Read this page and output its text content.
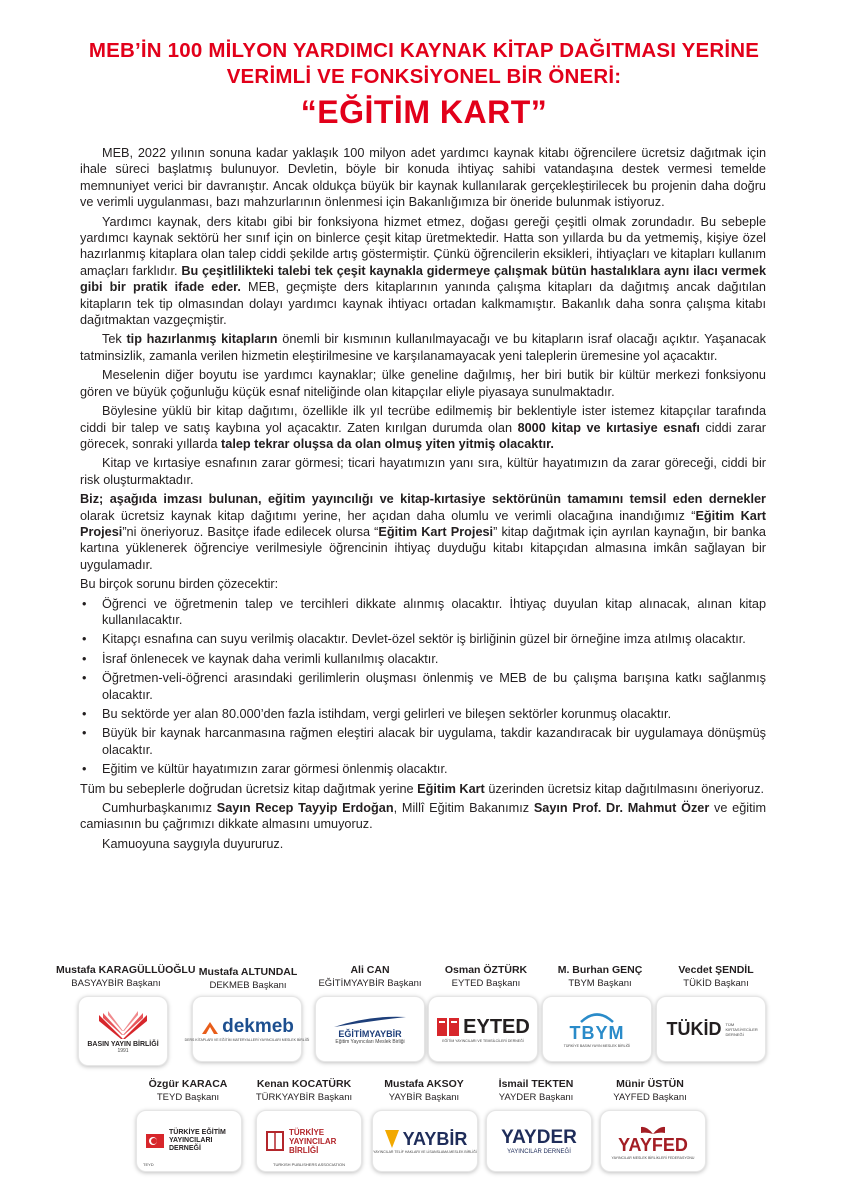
MEB’İN 100 MİLYON YARDIMCI KAYNAK KİTAP DAĞITMASI YERİNE
VERİMLİ VE FONKSİYONEL BİR ÖNERİ:
“EĞİTİM KART”

MEB, 2022 yılının sonuna kadar yaklaşık 100 milyon adet yardımcı kaynak kitabı öğrencilere ücretsiz dağıtmak için ihale süreci başlatmış bulunuyor. Devletin, böyle bir konuda ihtiyaç sahibi vatandaşına destek vermesi temelde memnuniyet verici bir davranıştır. Ancak oldukça büyük bir kaynak kullanılarak gerçekleştirilecek bu projenin daha doğru ve verimli uygulanması, bazı mahzurlarının önlenmesi için Bakanlığımıza bir öneride bulunmak istiyoruz.

Yardımcı kaynak, ders kitabı gibi bir fonksiyona hizmet etmez, doğası gereği çeşitli olmak zorundadır. Bu sebeple yardımcı kaynak sektörü her sınıf için on binlerce çeşit kitap üretmektedir. Hatta son yıllarda bu da yetmemiş, kişiye özel hazırlanmış kitaplara olan talep ciddi şekilde artış göstermiştir. Çünkü öğrencilerin eksikleri, ihtiyaçları ve kitapları kullanım amaçları farklıdır. Bu çeşitlilikteki talebi tek çeşit kaynakla gidermeye çalışmak bütün hastalıklara aynı ilacı vermek gibi bir pratik ifade eder. MEB, geçmişte ders kitaplarının yanında çalışma kitapları da dağıtmış ancak dağıtılan kitapların tek tip olmasından dolayı yardımcı kaynak ihtiyacı ortadan kalkmamıştır. Bakanlık daha sonra çalışma kitabı dağıtmaktan vazgeçmiştir.

Tek tip hazırlanmış kitapların önemli bir kısmının kullanılmayacağı ve bu kitapların israf olacağı açıktır. Yaşanacak tatminsizlik, zamanla verilen hizmetin eleştirilmesine ve karşılanamayacak yeni taleplerin üremesine yol açacaktır.

Meselenin diğer boyutu ise yardımcı kaynaklar; ülke geneline dağılmış, her biri butik bir kültür merkezi fonksiyonu gören ve büyük çoğunluğu küçük esnaf niteliğinde olan kitapçılar eliyle piyasaya sunulmaktadır.

Böylesine yüklü bir kitap dağıtımı, özellikle ilk yıl tecrübe edilmemiş bir beklentiyle ister istemez kitapçılar tarafında ciddi bir talep ve satış kaybına yol açacaktır. Zaten kırılgan durumda olan 8000 kitap ve kırtasiye esnafı ciddi zarar görecek, sonraki yıllarda talep tekrar oluşsa da olan olmuş yiten yitmiş olacaktır.

Kitap ve kırtasiye esnafının zarar görmesi; ticari hayatımızın yanı sıra, kültür hayatımızın da zarar göreceği, ciddi bir risk oluşturmaktadır.

Biz; aşağıda imzası bulunan, eğitim yayıncılığı ve kitap-kırtasiye sektörünün tamamını temsil eden dernekler olarak ücretsiz kaynak kitap dağıtımı yerine, her açıdan daha olumlu ve verimli olacağına inandığımız “Eğitim Kart Projesi”ni öneriyoruz. Basitçe ifade edilecek olursa “Eğitim Kart Projesi” kitap dağıtmak için ayrılan kaynağın, bir banka kartına yüklenerek öğrenciye verilmesiyle öğrencinin ihtiyaç duyduğu kitabı kitapçıdan almasına imkân sağlayan bir uygulamadır.

Bu birçok sorunu birden çözecektir:

• Öğrenci ve öğretmenin talep ve tercihleri dikkate alınmış olacaktır. İhtiyaç duyulan kitap alınacak, alınan kitap kullanılacaktır.
• Kitapçı esnafına can suyu verilmiş olacaktır. Devlet-özel sektör iş birliğinin güzel bir örneğine imza atılmış olacaktır.
• İsraf önlenecek ve kaynak daha verimli kullanılmış olacaktır.
• Öğretmen-veli-öğrenci arasındaki gerilimlerin oluşması önlenmiş ve MEB de bu çalışma barışına katkı sağlanmış olacaktır.
• Bu sektörde yer alan 80.000’den fazla istihdam, vergi gelirleri ve bileşen sektörler korunmuş olacaktır.
• Büyük bir kaynak harcanmasına rağmen eleştiri alacak bir uygulama, takdir kazandıracak bir uygulamaya dönüşmüş olacaktır.
• Eğitim ve kültür hayatımızın zarar görmesi önlenmiş olacaktır.

Tüm bu sebeplerle doğrudan ücretsiz kitap dağıtmak yerine Eğitim Kart üzerinden ücretsiz kitap dağıtılmasını öneriyoruz.

Cumhurbaşkanımız Sayın Recep Tayyip Erdoğan, Millî Eğitim Bakanımız Sayın Prof. Dr. Mahmut Özer ve eğitim camiasının bu çağrımızı dikkate almasını umuyoruz.

Kamuoyuna saygıyla duyururuz.

Mustafa KARAGÜLLÜOĞLU
BASYAYBİR Başkanı
Mustafa ALTUNDAL
DEKMEB Başkanı
Ali CAN
EĞİTİMYAYBİR Başkanı
Osman ÖZTÜRK
EYTED Başkanı
M. Burhan GENÇ
TBYM Başkanı
Vecdet ŞENDİL
TÜKİD Başkanı
BASIN YAYIN BİRLİĞİ
1991
dekmeb
DERS KİTAPLARI VE EĞİTİM MATERYALLERİ YAYINCILARI MESLEK BİRLİĞİ
EĞİTİMYAYBİR
Eğitim Yayıncıları Meslek Birliği
EYTED
EĞİTİM YAYINCILARI VE TEMSİLCİLERİ DERNEĞİ	TBYM
TÜRKİYE BASIM YAYIN MESLEK BİRLİĞİ
TÜKİD TÜM KIRTASİYECİLER DERNEĞİ
Özgür KARACA
TEYD Başkanı
Kenan KOCATÜRK
TÜRKYAYBİR Başkanı
Mustafa AKSOY
YAYBİR Başkanı
İsmail TEKTEN
YAYDER Başkanı
Münir ÜSTÜN
YAYFED Başkanı
TÜRKİYE EĞİTİM YAYINCILARI DERNEĞİ
TEYD
TÜRKİYE YAYINCILAR BİRLİĞİ
TURKISH PUBLISHERS ASSOCIATION
YAYBİR
YAYINCILAR TELİF HAKLARI VE LİSANSLAMA MESLEK BİRLİĞİ
YAYDER
YAYINCILAR DERNEĞİ	YAYFED
YAYINCILAR MESLEK BİRLİKLERİ FEDERASYONU
